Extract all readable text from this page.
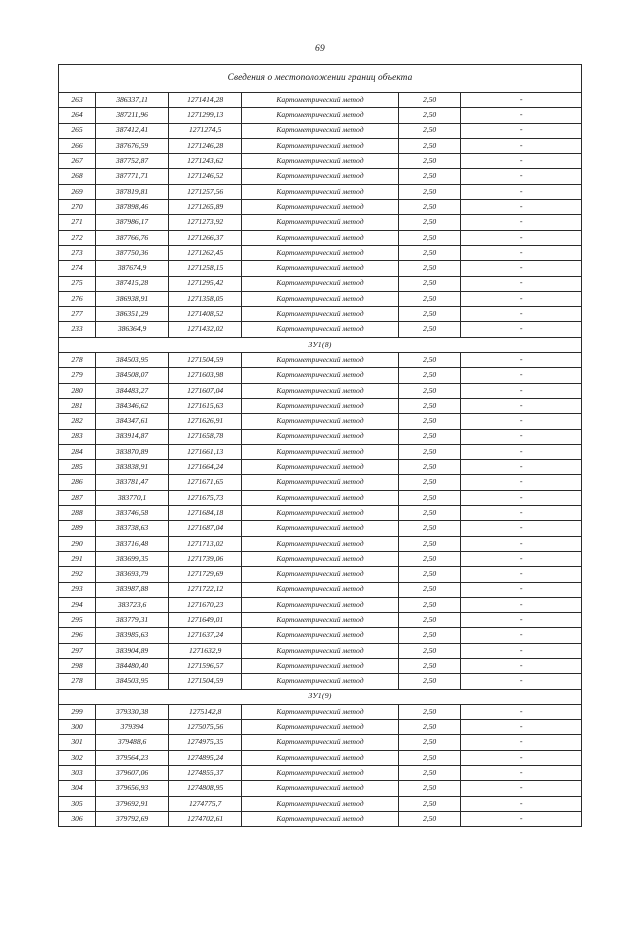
69
Сведения о местоположении границ объекта
263	386337,11	1271414,28	Картометрический метод	2,50	-
264	387211,96	1271299,13	Картометрический метод	2,50	-
265	387412,41	1271274,5	Картометрический метод	2,50	-
266	387676,59	1271246,28	Картометрический метод	2,50	-
267	387752,87	1271243,62	Картометрический метод	2,50	-
268	387771,71	1271246,52	Картометрический метод	2,50	-
269	387819,81	1271257,56	Картометрический метод	2,50	-
270	387898,46	1271265,89	Картометрический метод	2,50	-
271	387986,17	1271273,92	Картометрический метод	2,50	-
272	387766,76	1271266,37	Картометрический метод	2,50	-
273	387750,36	1271262,45	Картометрический метод	2,50	-
274	387674,9	1271258,15	Картометрический метод	2,50	-
275	387415,28	1271295,42	Картометрический метод	2,50	-
276	386938,91	1271358,05	Картометрический метод	2,50	-
277	386351,29	1271408,52	Картометрический метод	2,50	-
233	386364,9	1271432,02	Картометрический метод	2,50	-
ЗУ1(8)					
278	384503,95	1271504,59	Картометрический метод	2,50	-
279	384508,07	1271603,98	Картометрический метод	2,50	-
280	384483,27	1271607,04	Картометрический метод	2,50	-
281	384346,62	1271615,63	Картометрический метод	2,50	-
282	384347,61	1271626,91	Картометрический метод	2,50	-
283	383914,87	1271658,78	Картометрический метод	2,50	-
284	383870,89	1271661,13	Картометрический метод	2,50	-
285	383838,91	1271664,24	Картометрический метод	2,50	-
286	383781,47	1271671,65	Картометрический метод	2,50	-
287	383770,1	1271675,73	Картометрический метод	2,50	-
288	383746,58	1271684,18	Картометрический метод	2,50	-
289	383738,63	1271687,04	Картометрический метод	2,50	-
290	383716,48	1271713,02	Картометрический метод	2,50	-
291	383699,35	1271739,06	Картометрический метод	2,50	-
292	383693,79	1271729,69	Картометрический метод	2,50	-
293	383987,88	1271722,12	Картометрический метод	2,50	-
294	383723,6	1271670,23	Картометрический метод	2,50	-
295	383779,31	1271649,01	Картометрический метод	2,50	-
296	383985,63	1271637,24	Картометрический метод	2,50	-
297	383904,89	1271632,9	Картометрический метод	2,50	-
298	384480,40	1271596,57	Картометрический метод	2,50	-
278	384503,95	1271504,59	Картометрический метод	2,50	-
ЗУ1(9)					
299	379330,38	1275142,8	Картометрический метод	2,50	-
300	379394	1275075,56	Картометрический метод	2,50	-
301	379488,6	1274975,35	Картометрический метод	2,50	-
302	379564,23	1274895,24	Картометрический метод	2,50	-
303	379607,06	1274855,37	Картометрический метод	2,50	-
304	379656,93	1274808,95	Картометрический метод	2,50	-
305	379692,91	1274775,7	Картометрический метод	2,50	-
306	379792,69	1274702,61	Картометрический метод	2,50	-
